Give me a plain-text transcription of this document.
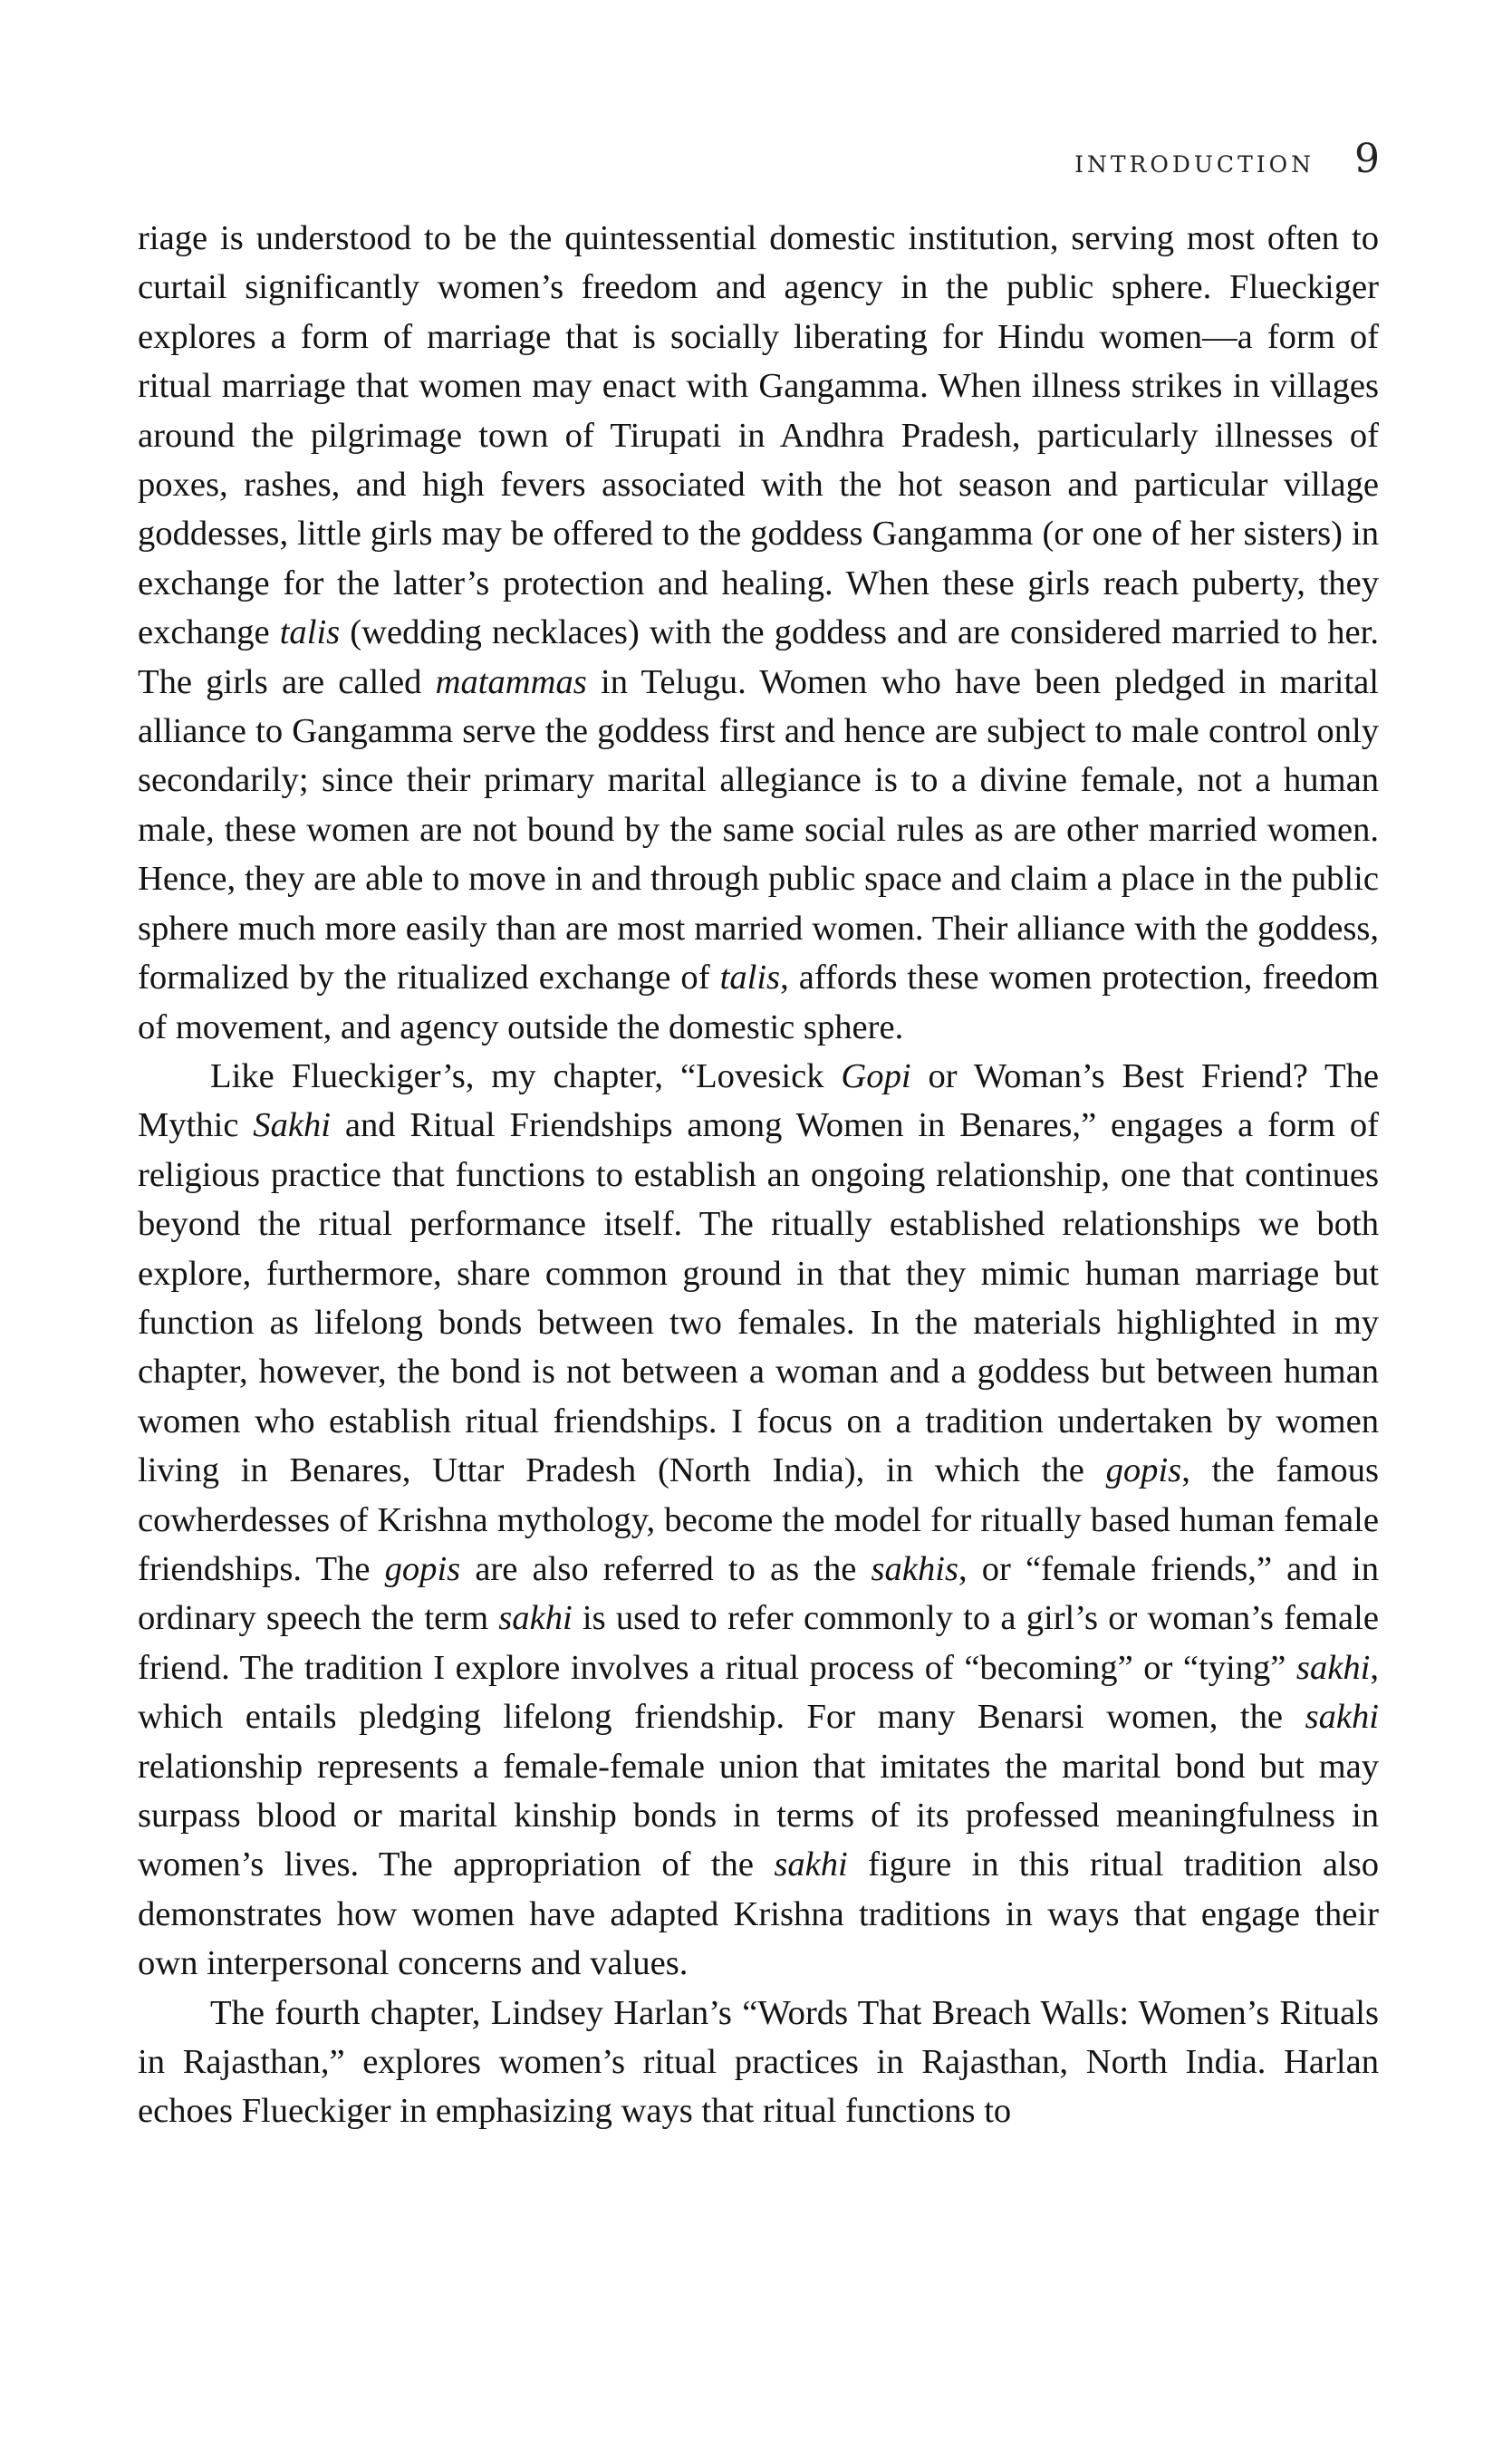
INTRODUCTION 9

riage is understood to be the quintessential domestic institution, serving most often to curtail significantly women’s freedom and agency in the public sphere. Flueckiger explores a form of marriage that is socially liberating for Hindu women—a form of ritual marriage that women may enact with Gangamma. When illness strikes in villages around the pilgrimage town of Tirupati in Andhra Pradesh, particularly illnesses of poxes, rashes, and high fevers associated with the hot season and particular village goddesses, little girls may be offered to the goddess Gangamma (or one of her sisters) in exchange for the latter’s protection and healing. When these girls reach puberty, they exchange talis (wedding necklaces) with the goddess and are considered married to her. The girls are called matammas in Telugu. Women who have been pledged in marital alliance to Gangamma serve the goddess first and hence are subject to male control only secondarily; since their primary marital allegiance is to a divine female, not a human male, these women are not bound by the same social rules as are other married women. Hence, they are able to move in and through public space and claim a place in the public sphere much more easily than are most married women. Their alliance with the goddess, formalized by the ritualized exchange of talis, affords these women protection, freedom of movement, and agency outside the domestic sphere.

Like Flueckiger’s, my chapter, “Lovesick Gopi or Woman’s Best Friend? The Mythic Sakhi and Ritual Friendships among Women in Benares,” engages a form of religious practice that functions to establish an ongoing relationship, one that continues beyond the ritual performance itself. The ritually established relationships we both explore, furthermore, share common ground in that they mimic human marriage but function as lifelong bonds between two females. In the materials highlighted in my chapter, however, the bond is not between a woman and a goddess but between human women who establish ritual friendships. I focus on a tradition undertaken by women living in Benares, Uttar Pradesh (North India), in which the gopis, the famous cowherdesses of Krishna mythology, become the model for ritually based human female friendships. The gopis are also referred to as the sakhis, or “female friends,” and in ordinary speech the term sakhi is used to refer commonly to a girl’s or woman’s female friend. The tradition I explore involves a ritual process of “becoming” or “tying” sakhi, which entails pledging lifelong friendship. For many Benarsi women, the sakhi relationship represents a female-female union that imitates the marital bond but may surpass blood or marital kinship bonds in terms of its professed meaningfulness in women’s lives. The appropriation of the sakhi figure in this ritual tradition also demonstrates how women have adapted Krishna traditions in ways that engage their own interpersonal concerns and values.

The fourth chapter, Lindsey Harlan’s “Words That Breach Walls: Women’s Rituals in Rajasthan,” explores women’s ritual practices in Rajasthan, North India. Harlan echoes Flueckiger in emphasizing ways that ritual functions to
